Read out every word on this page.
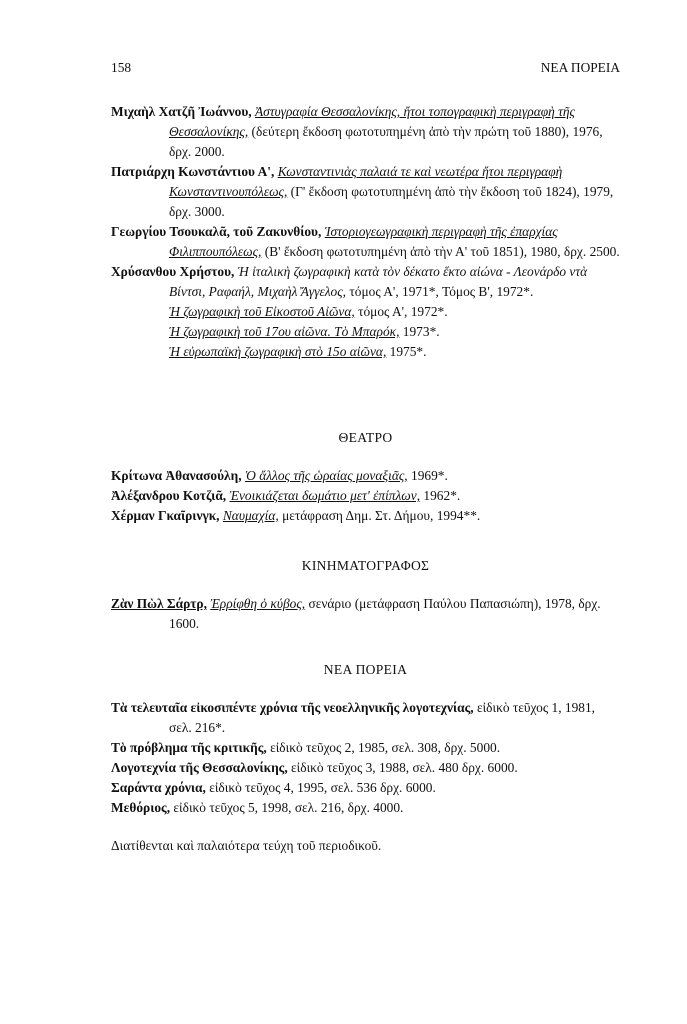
158	ΝΕΑ ΠΟΡΕΙΑ
Μιχαὴλ Χατζῆ Ἰωάννου, Ἀστυγραφία Θεσσαλονίκης, ἤτοι τοπογραφικὴ περιγραφὴ τῆς Θεσσαλονίκης, (δεύτερη ἔκδοση φωτοτυπημένη ἀπὸ τὴν πρώτη τοῦ 1880), 1976, δρχ. 2000.
Πατριάρχη Κωνστάντιου Α', Κωνσταντινιὰς παλαιά τε καὶ νεωτέρα ἤτοι περιγραφὴ Κωνσταντινουπόλεως, (Γ' ἔκδοση φωτοτυπημένη ἀπὸ τὴν ἔκδοση τοῦ 1824), 1979, δρχ. 3000.
Γεωργίου Τσουκαλᾶ, τοῦ Ζακυνθίου, Ἱστοριογεωγραφικὴ περιγραφὴ τῆς ἐπαρχίας Φιλιππουπόλεως, (Β' ἔκδοση φωτοτυπημένη ἀπὸ τὴν Α' τοῦ 1851), 1980, δρχ. 2500.
Χρύσανθου Χρήστου, Ἡ ἰταλικὴ ζωγραφικὴ κατὰ τὸν δέκατο ἕκτο αἰώνα - Λεονάρδο ντὰ Βίντσι, Ραφαήλ, Μιχαὴλ Ἄγγελος, τόμος Α', 1971*, Τόμος Β', 1972*.
Ἡ ζωγραφικὴ τοῦ Εἰκοστοῦ Αἰῶνα, τόμος Α', 1972*.
Ἡ ζωγραφικὴ τοῦ 17ου αἰῶνα. Τὸ Μπαρόκ, 1973*.
Ἡ εὐρωπαϊκὴ ζωγραφικὴ στὸ 15ο αἰῶνα, 1975*.
ΘΕΑΤΡΟ
Κρίτωνα Ἀθανασούλη, Ὁ ἄλλος τῆς ὡραίας μοναξιᾶς, 1969*.
Ἀλέξανδρου Κοτζιᾶ, Ἐνοικιάζεται δωμάτιο μετ' ἐπίπλων, 1962*.
Χέρμαν Γκαῖρινγκ, Ναυμαχία, μετάφραση Δημ. Στ. Δήμου, 1994**.
ΚΙΝΗΜΑΤΟΓΡΑΦΟΣ
Ζὰν Πὼλ Σάρτρ, Ἐρρίφθη ὁ κύβος, σενάριο (μετάφραση Παύλου Παπασιώπη), 1978, δρχ. 1600.
ΝΕΑ ΠΟΡΕΙΑ
Τὰ τελευταῖα εἰκοσιπέντε χρόνια τῆς νεοελληνικῆς λογοτεχνίας, εἰδικὸ τεῦχος 1, 1981, σελ. 216*.
Τὸ πρόβλημα τῆς κριτικῆς, εἰδικὸ τεῦχος 2, 1985, σελ. 308, δρχ. 5000.
Λογοτεχνία τῆς Θεσσαλονίκης, εἰδικὸ τεῦχος 3, 1988, σελ. 480 δρχ. 6000.
Σαράντα χρόνια, εἰδικὸ τεῦχος 4, 1995, σελ. 536 δρχ. 6000.
Μεθόριος, εἰδικὸ τεῦχος 5, 1998, σελ. 216, δρχ. 4000.
Διατίθενται καὶ παλαιότερα τεύχη τοῦ περιοδικοῦ.
